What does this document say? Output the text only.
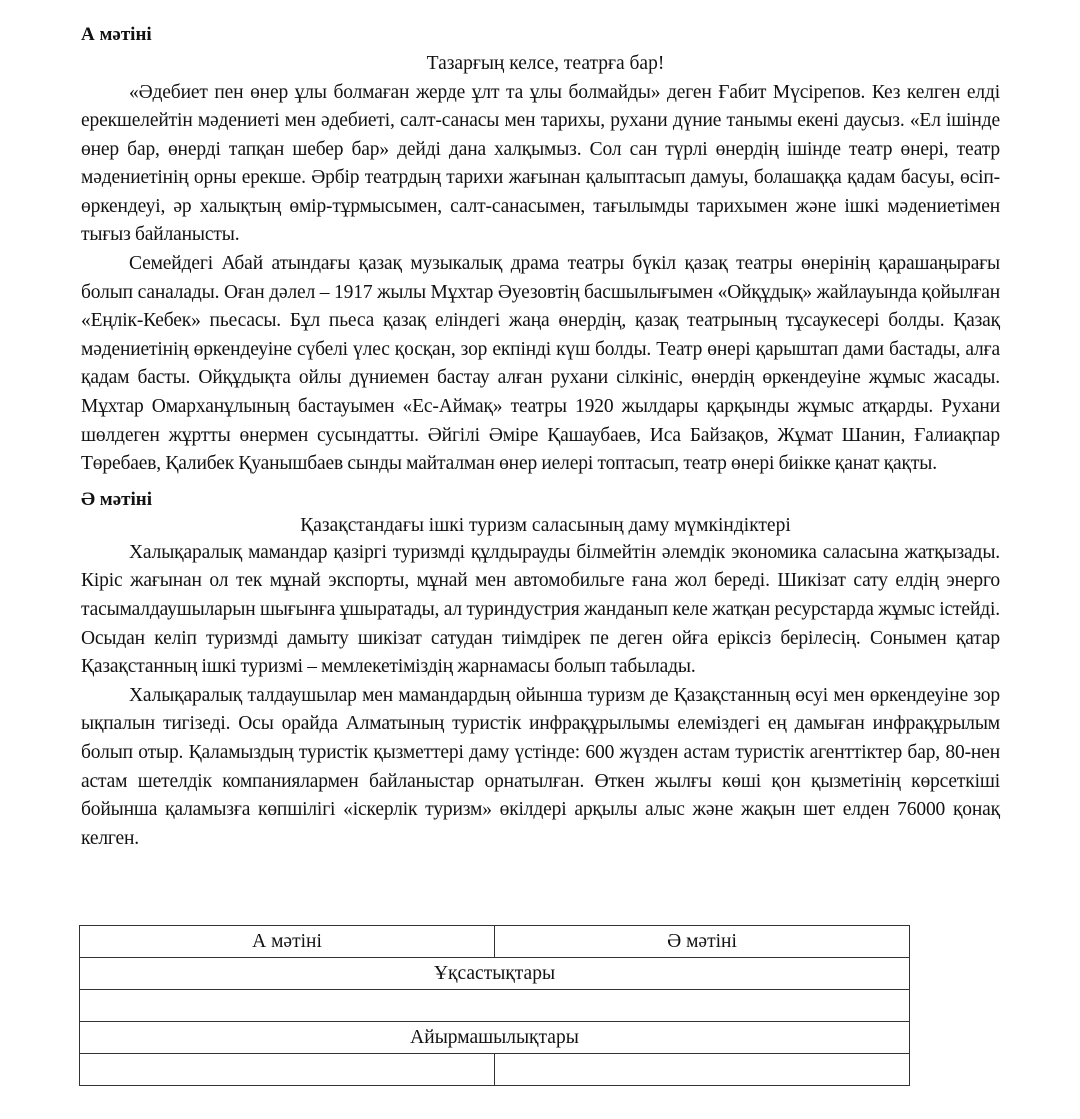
А мәтіні

Тазарғың келсе, театрға бар!

«Әдебиет пен өнер ұлы болмаған жерде ұлт та ұлы болмайды» деген Ғабит Мүсірепов. Кез келген елді ерекшелейтін мәдениеті мен әдебиеті, салт-санасы мен тарихы, рухани дүние танымы екені даусыз. «Ел ішінде өнер бар, өнерді тапқан шебер бар» дейді дана халқымыз. Сол сан түрлі өнердің ішінде театр өнері, театр мәдениетінің орны ерекше. Әрбір театрдың тарихи жағынан қалыптасып дамуы, болашаққа қадам басуы, өсіп-өркендеуі, әр халықтың өмір-тұрмысымен, салт-санасымен, тағылымды тарихымен және ішкі мәдениетімен тығыз байланысты.

Семейдегі Абай атындағы қазақ музыкалық драма театры бүкіл қазақ театры өнерінің қарашаңырағы болып саналады. Оған дәлел – 1917 жылы Мұхтар Әуезовтің басшылығымен «Ойқұдық» жайлауында қойылған «Еңлік-Кебек» пьесасы. Бұл пьеса қазақ еліндегі жаңа өнердің, қазақ театрының тұсаукесері болды. Қазақ мәдениетінің өркендеуіне сүбелі үлес қосқан, зор екпінді күш болды. Театр өнері қарыштап дами бастады, алға қадам басты. Ойқұдықта ойлы дүниемен бастау алған рухани сілкініс, өнердің өркендеуіне жұмыс жасады. Мұхтар Омарханұлының бастауымен «Ес-Аймақ» театры 1920 жылдары қарқынды жұмыс атқарды. Рухани шөлдеген жұртты өнермен сусындатты. Әйгілі Әміре Қашаубаев, Иса Байзақов, Жұмат Шанин, Ғалиақпар Төребаев, Қалибек Қуанышбаев сынды майталман өнер иелері топтасып, театр өнері биікке қанат қақты.

Ә мәтіні

Қазақстандағы ішкі туризм саласының даму мүмкіндіктері

Халықаралық мамандар қазіргі туризмді құлдырауды білмейтін әлемдік экономика саласына жатқызады. Кіріс жағынан ол тек мұнай экспорты, мұнай мен автомобильге ғана жол береді. Шикізат сату елдің энерго тасымалдаушыларын шығынға ұшыратады, ал туриндустрия жанданып келе жатқан ресурстарда жұмыс істейді. Осыдан келіп туризмді дамыту шикізат сатудан тиімдірек пе деген ойға еріксіз берілесің. Сонымен қатар Қазақстанның ішкі туризмі – мемлекетіміздің жарнамасы болып табылады.

Халықаралық талдаушылар мен мамандардың ойынша туризм де Қазақстанның өсуі мен өркендеуіне зор ықпалын тигізеді. Осы орайда Алматының туристік инфрақұрылымы елеміздегі ең дамыған инфрақұрылым болып отыр. Қаламыздың туристік қызметтері даму үстінде: 600 жүзден астам туристік агенттіктер бар, 80-нен астам шетелдік компаниялармен байланыстар орнатылған. Өткен жылғы көші қон қызметінің көрсеткіші бойынша қаламызға көпшілігі «іскерлік туризм» өкілдері арқылы алыс және жақын шет елден 76000 қонақ келген.

А мәтіні	Ә мәтіні
Ұқсастықтары	

Айырмашылықтары	
